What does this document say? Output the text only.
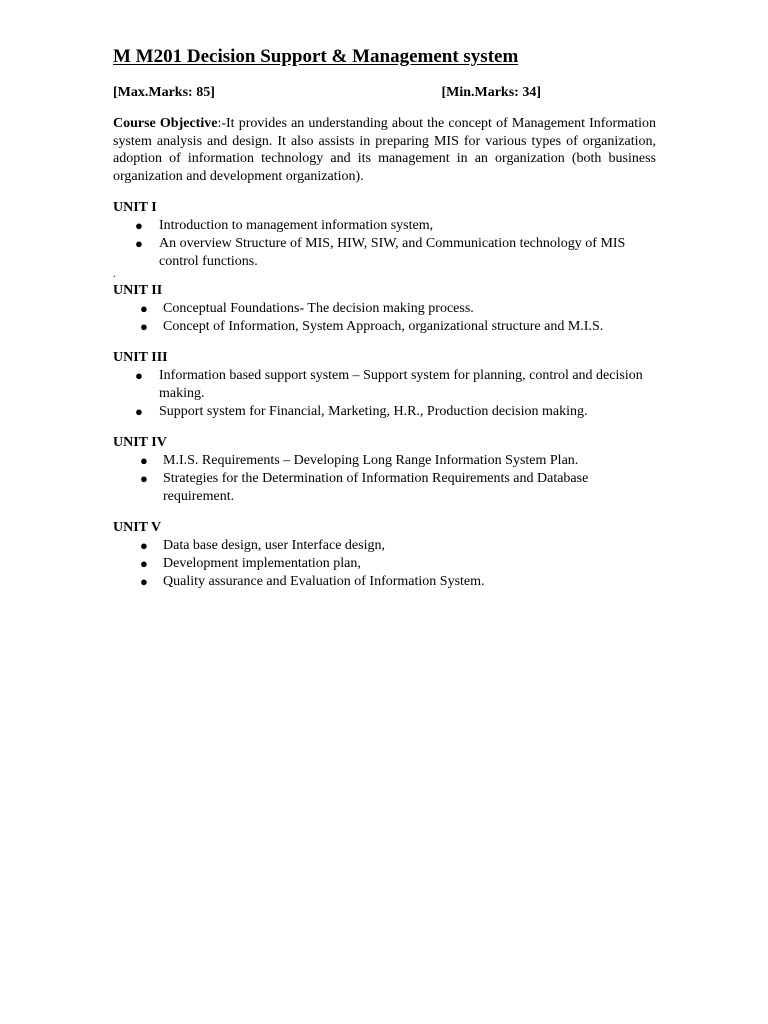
M M201 Decision Support & Management system
[Max.Marks: 85]	[Min.Marks: 34]
Course Objective:-It provides an understanding about the concept of Management Information system analysis and design. It also assists in preparing MIS for various types of organization, adoption of information technology and its management in an organization (both business organization and development organization).

UNIT I

● Introduction to management information system,
● An overview Structure of MIS, HIW, SIW, and Communication technology of MIS control functions.
.

UNIT II

● Conceptual Foundations- The decision making process.
● Concept of Information, System Approach, organizational structure and M.I.S.

UNIT III

● Information based support system – Support system for planning, control and decision making.
● Support system for Financial, Marketing, H.R., Production decision making.

UNIT IV

● M.I.S. Requirements – Developing Long Range Information System Plan.
● Strategies for the Determination of Information Requirements and Database requirement.

UNIT V

● Data base design, user Interface design,
● Development implementation plan,
● Quality assurance and Evaluation of Information System.
